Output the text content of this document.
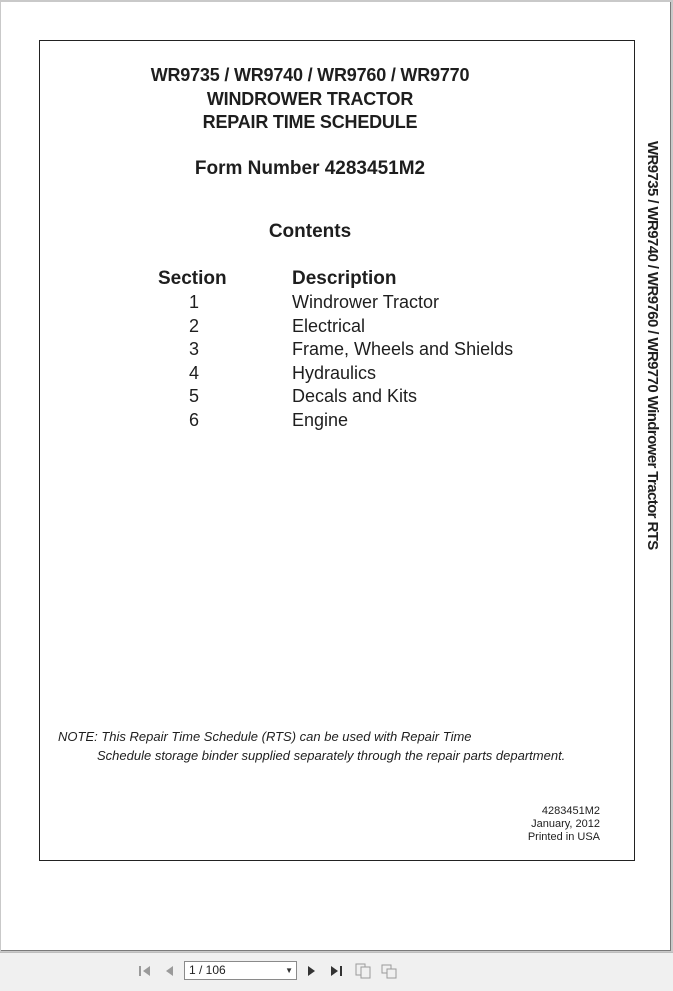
WR9735 / WR9740 / WR9760 / WR9770
WINDROWER TRACTOR
REPAIR TIME SCHEDULE
Form Number 4283451M2
Contents
Section	Description
1	Windrower Tractor
2	Electrical
3	Frame, Wheels and Shields
4	Hydraulics
5	Decals and Kits
6	Engine
NOTE: This Repair Time Schedule (RTS) can be used with Repair Time
Schedule storage binder supplied separately through the repair parts department.
4283451M2
January, 2012
Printed in USA
WR9735 / WR9740 / WR9760 / WR9770 Windrower Tractor RTS
1 / 106	▼
